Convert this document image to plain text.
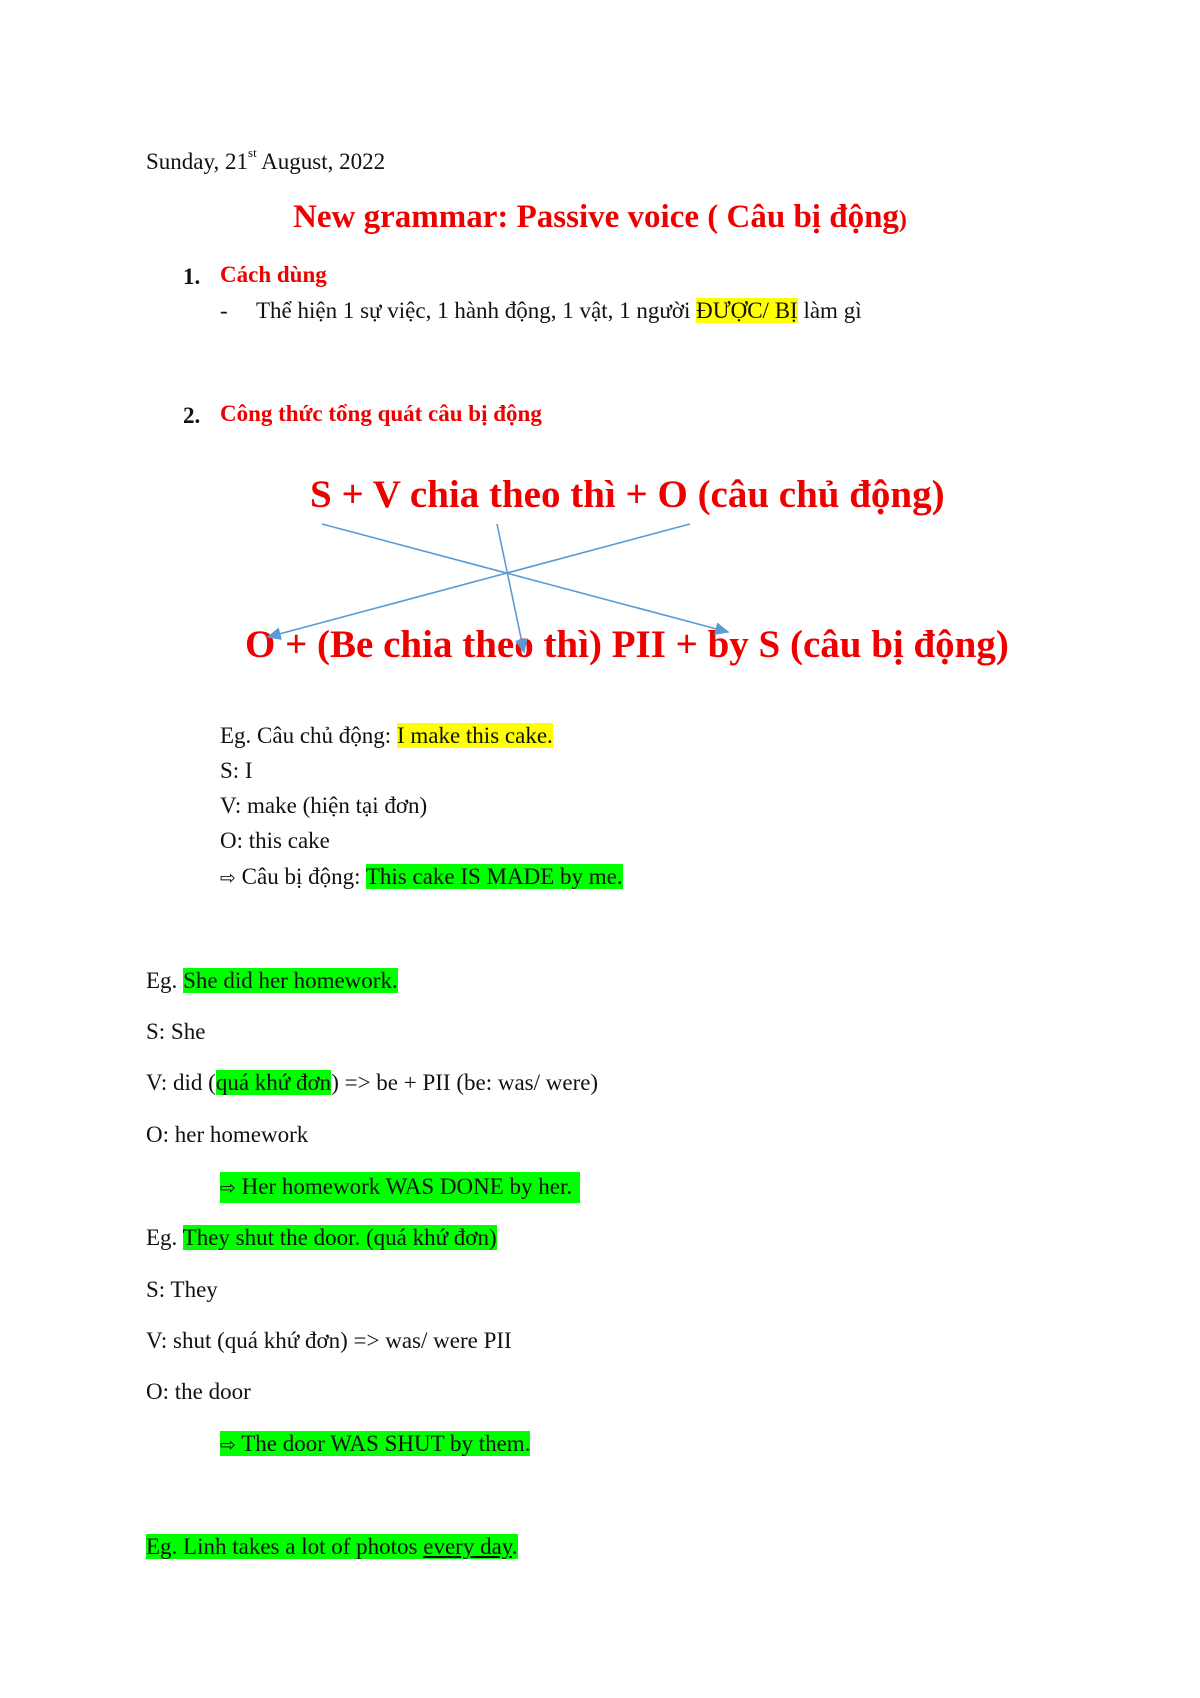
Sunday, 21st August, 2022
New grammar: Passive voice ( Câu bị động)
1. Cách dùng
- Thể hiện 1 sự việc, 1 hành động, 1 vật, 1 người ĐƯỢC/ BỊ làm gì
2. Công thức tổng quát câu bị động
S + V chia theo thì + O (câu chủ động)
O + (Be chia theo thì) PII + by S (câu bị động)
Eg. Câu chủ động: I make this cake.
S: I
V: make (hiện tại đơn)
O: this cake
⇨ Câu bị động: This cake IS MADE by me.
Eg. She did her homework.
S: She
V: did (quá khứ đơn) => be + PII (be: was/ were)
O: her homework
⇨ Her homework WAS DONE by her.
Eg. They shut the door. (quá khứ đơn)
S: They
V: shut (quá khứ đơn) => was/ were PII
O: the door
⇨ The door WAS SHUT by them.
Eg. Linh takes a lot of photos every day.
